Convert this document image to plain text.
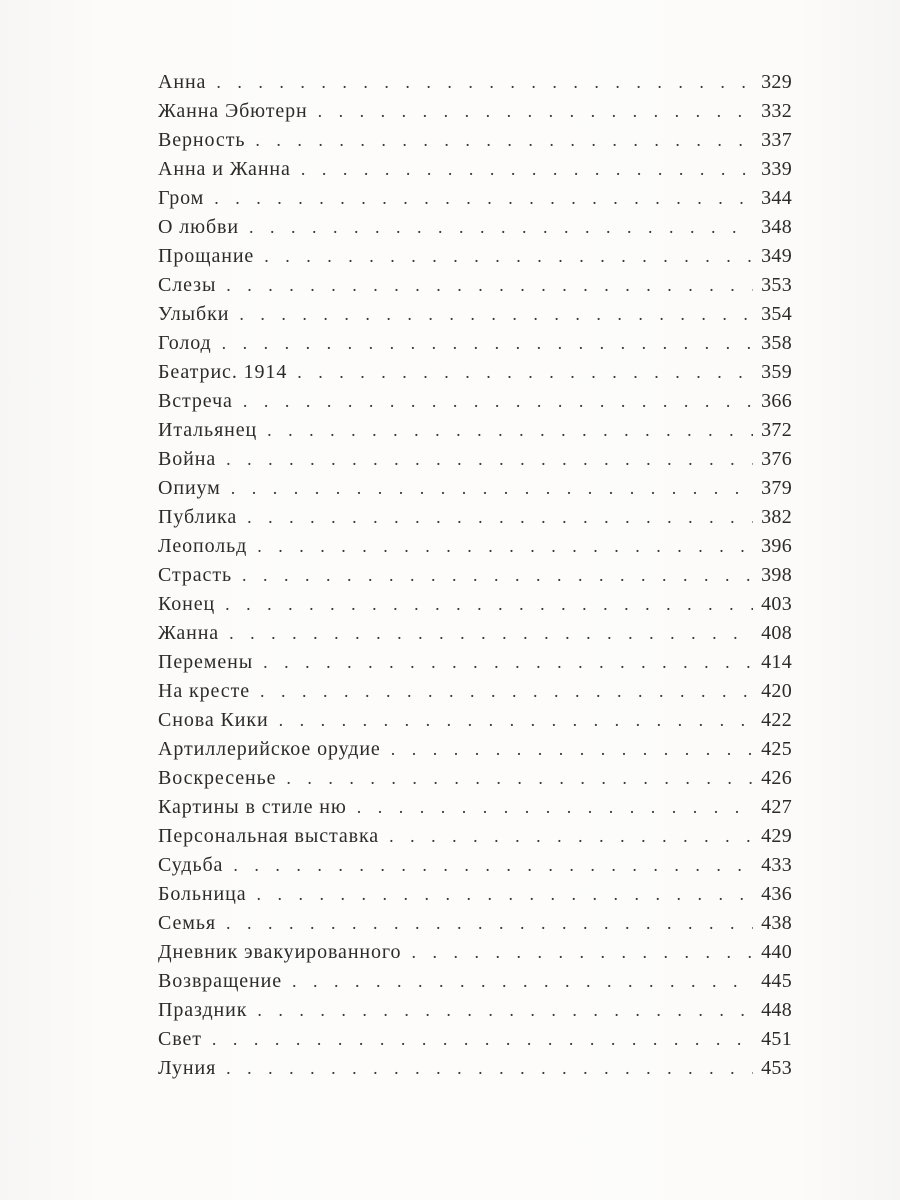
Анна . . .	329
Жанна Эбютерн . . .	332
Верность . . .	337
Анна и Жанна . . .	339
Гром . . .	344
О любви . . .	348
Прощание . . .	349
Слезы . . .	353
Улыбки . . .	354
Голод . . .	358
Беатрис. 1914 . . .	359
Встреча . . .	366
Итальянец . . .	372
Война . . .	376
Опиум . . .	379
Публика . . .	382
Леопольд . . .	396
Страсть . . .	398
Конец . . .	403
Жанна . . .	408
Перемены . . .	414
На кресте . . .	420
Снова Кики . . .	422
Артиллерийское орудие . . .	425
Воскресенье . . .	426
Картины в стиле ню . . .	427
Персональная выставка . . .	429
Судьба . . .	433
Больница . . .	436
Семья . . .	438
Дневник эвакуированного . . .	440
Возвращение . . .	445
Праздник . . .	448
Свет . . .	451
Луния . . .	453
